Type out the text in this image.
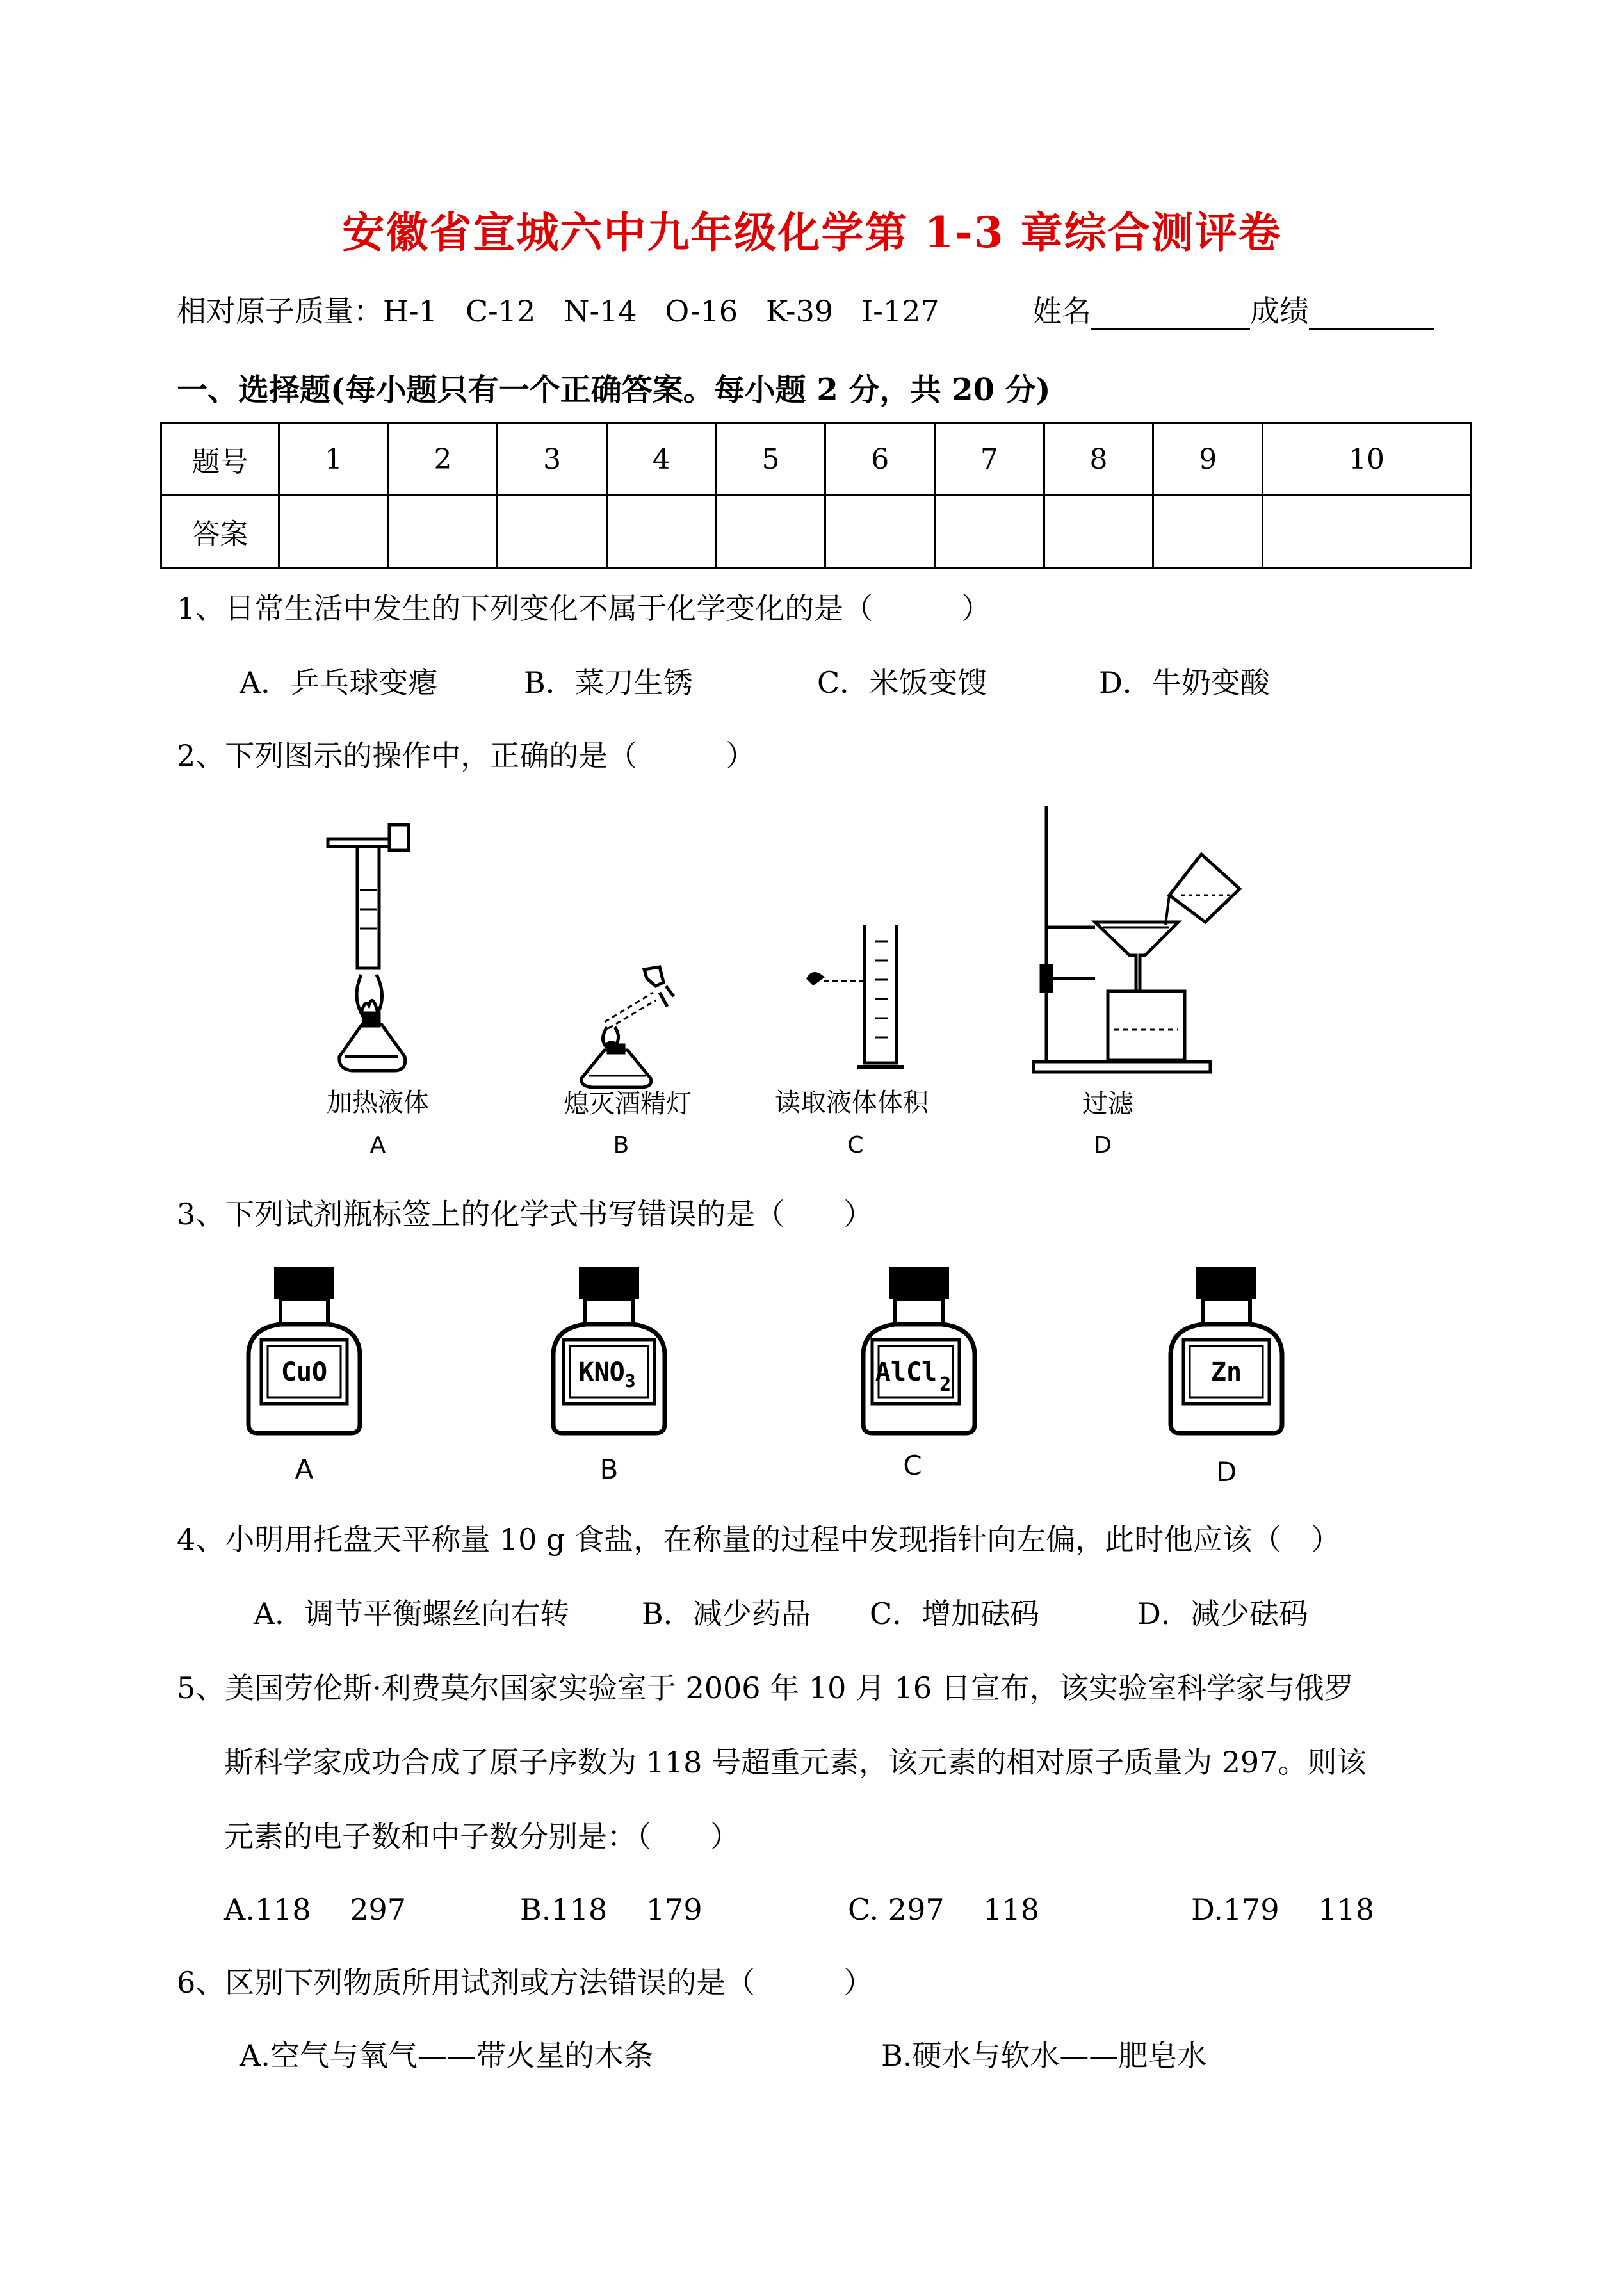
安徽省宣城六中九年级化学第 1-3 章综合测评卷
相对原子质量：H-1 C-12 N-14 O-16 K-39 I-127	姓名	成绩
一、选择题(每小题只有一个正确答案。每小题 2 分，共 20 分)
题号	1	2	3	4	5	6	7	8	9	10
答案										
1、日常生活中发生的下列变化不属于化学变化的是（　　　）
A．乒乓球变瘪	B．菜刀生锈	C．米饭变馊	D．牛奶变酸
2、下列图示的操作中，正确的是（　　　）
加热液体
A
熄灭酒精灯
B
读取液体体积
C
过滤
D
3、下列试剂瓶标签上的化学式书写错误的是（　　）
CuO	$KNO_3$	AlCl $_2$	Zn
A	B	C	D
4、小明用托盘天平称量 10 g 食盐，在称量的过程中发现指针向左偏，此时他应该（　）
A．调节平衡螺丝向右转 B．减少药品 C．增加砝码	D．减少砝码
5、美国劳伦斯·利费莫尔国家实验室于 2006 年 10 月 16 日宣布，该实验室科学家与俄罗
斯科学家成功合成了原子序数为 118 号超重元素，该元素的相对原子质量为 297。则该
元素的电子数和中子数分别是：（　　）
A.118　 297	B.118　 179	C. 297　 118	D.179　 118
6、区别下列物质所用试剂或方法错误的是（　　　）
A.空气与氧气——带火星的木条	B.硬水与软水——肥皂水
